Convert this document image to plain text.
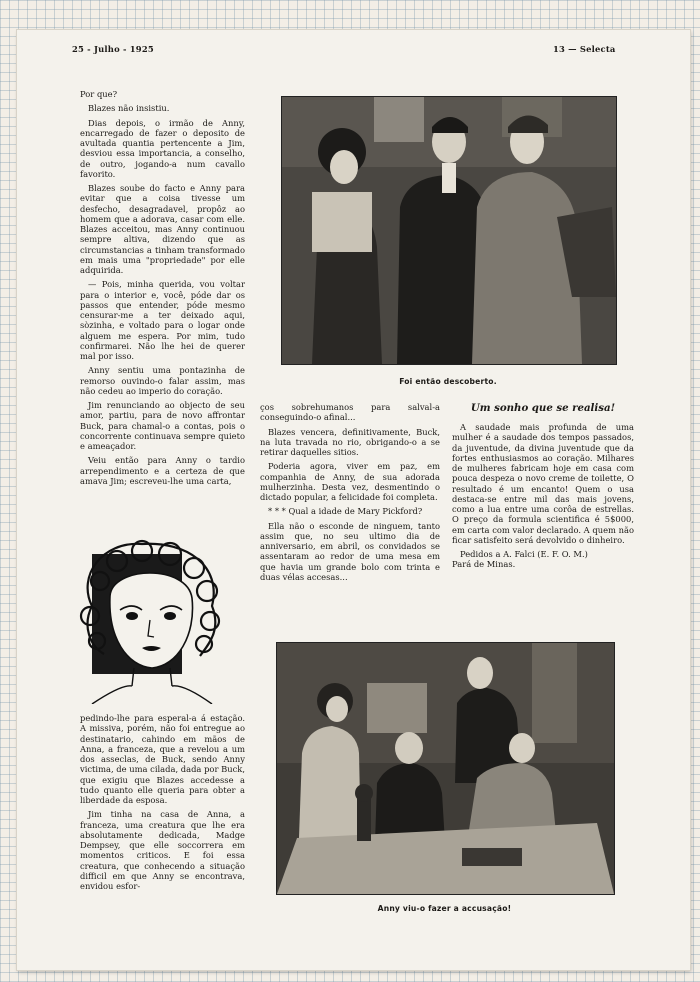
25 - Julho - 1925	13 — Selecta

Por que?

Blazes não insistiu.

Dias depois, o irmão de Anny, encarregado de fazer o deposito de avultada quantia pertencente a Jim, desviou essa importancia, a conselho, de outro, jogando-a num cavallo favorito.

Blazes soube do facto e Anny para evitar que a coisa tivesse um desfecho, desagradavel, propôz ao homem que a adorava, casar com elle. Blazes acceitou, mas Anny continuou sempre altiva, dizendo que as circumstancias a tinham transformado em mais uma "propriedade" por elle adquirida.

— Pois, minha querida, vou voltar para o interior e, você, póde dar os passos que entender, póde mesmo censurar-me a ter deixado aqui, sòzinha, e voltado para o logar onde alguem me espera. Por mim, tudo confirmarei. Não lhe hei de querer mal por isso.

Anny sentiu uma pontazinha de remorso ouvindo-o falar assim, mas não cedeu ao imperio do coração.

Jim renunciando ao objecto de seu amor, partiu, para de novo affrontar Buck, para chamal-o a contas, pois o concorrente continuava sempre quieto e ameaçador.

Veiu então para Anny o tardio arrependimento e a certeza de que amava Jim; escreveu-lhe uma carta,

pedindo-lhe para esperal-a á estação. A missiva, porém, não foi entregue ao destinatario, cahindo em mãos de Anna, a franceza, que a revelou a um dos asseclas, de Buck, sendo Anny victima, de uma cilada, dada por Buck, que exigiu que Blazes accedesse a tudo quanto elle queria para obter a liberdade da esposa.

Jim tinha na casa de Anna, a franceza, uma creatura que lhe era absolutamente dedicada, Madge Dempsey, que elle soccorrera em momentos criticos. E foi essa creatura, que conhecendo a situação difficil em que Anny se encontrava, envidou esfor-

Foi então descoberto.

ços sobrehumanos para salval-a conseguindo-o afinal...

Blazes vencera, definitivamente, Buck, na luta travada no rio, obrigando-o a se retirar daquelles sitios.

Poderia agora, viver em paz, em companhia de Anny, de sua adorada mulherzinha. Desta vez, desmentindo o dictado popular, a felicidade foi completa.

* * * Qual a idade de Mary Pickford?

Ella não o esconde de ninguem, tanto assim que, no seu ultimo dia de anniversario, em abril, os convidados se assentaram ao redor de uma mesa em que havia um grande bolo com trinta e duas vélas accesas...

Um sonho que se realisa!

A saudade mais profunda de uma mulher é a saudade dos tempos passados, da juventude, da divina juventude que da fortes enthusiasmos ao coração. Milhares de mulheres fabricam hoje em casa com pouca despeza o novo creme de toilette, O resultado é um encanto! Quem o usa destaca-se entre mil das mais jovens, como a lua entre uma corôa de estrellas. O preço da formula scientifica é 5$000, em carta com valor declarado. A quem não ficar satisfeito será devolvido o dinheiro.

Pedidos a A. Falci (E. F. O. M.)

Pará de Minas.

Anny viu-o fazer a accusação!
